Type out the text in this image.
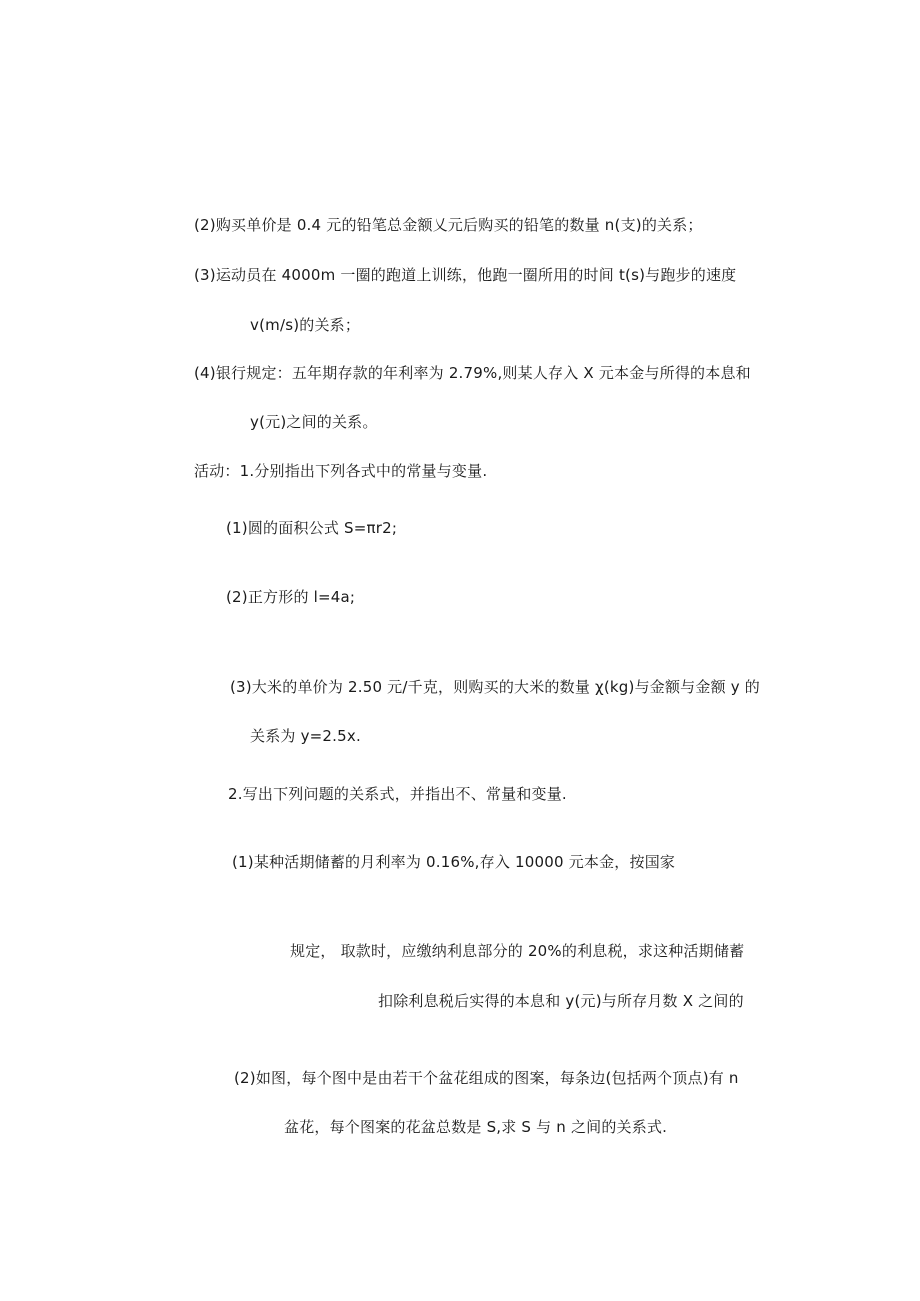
(2)购买单价是 0.4 元的铅笔总金额乂元后购买的铅笔的数量 n(支)的关系；
(3)运动员在 4000m 一圈的跑道上训练，他跑一圈所用的时间 t(s)与跑步的速度
v(m∕s)的关系；
(4)银行规定：五年期存款的年利率为 2.79%,则某人存入 X 元本金与所得的本息和
y(元)之间的关系。
活动：1.分别指出下列各式中的常量与变量.
(1)圆的面积公式 S=πr2;
(2)正方形的 l=4a;
(3)大米的单价为 2.50 元/千克，则购买的大米的数量 χ(kg)与金额与金额 y 的
关系为 y=2.5x.
2.写出下列问题的关系式，并指出不、常量和变量.
(1)某种活期储蓄的月利率为 0.16%,存入 10000 元本金，按国家
规定， 取款时，应缴纳利息部分的 20%的利息税，求这种活期储蓄
扣除利息税后实得的本息和 y(元)与所存月数 X 之间的
(2)如图，每个图中是由若干个盆花组成的图案，每条边(包括两个顶点)有 n
盆花，每个图案的花盆总数是 S,求 S 与 n 之间的关系式.
